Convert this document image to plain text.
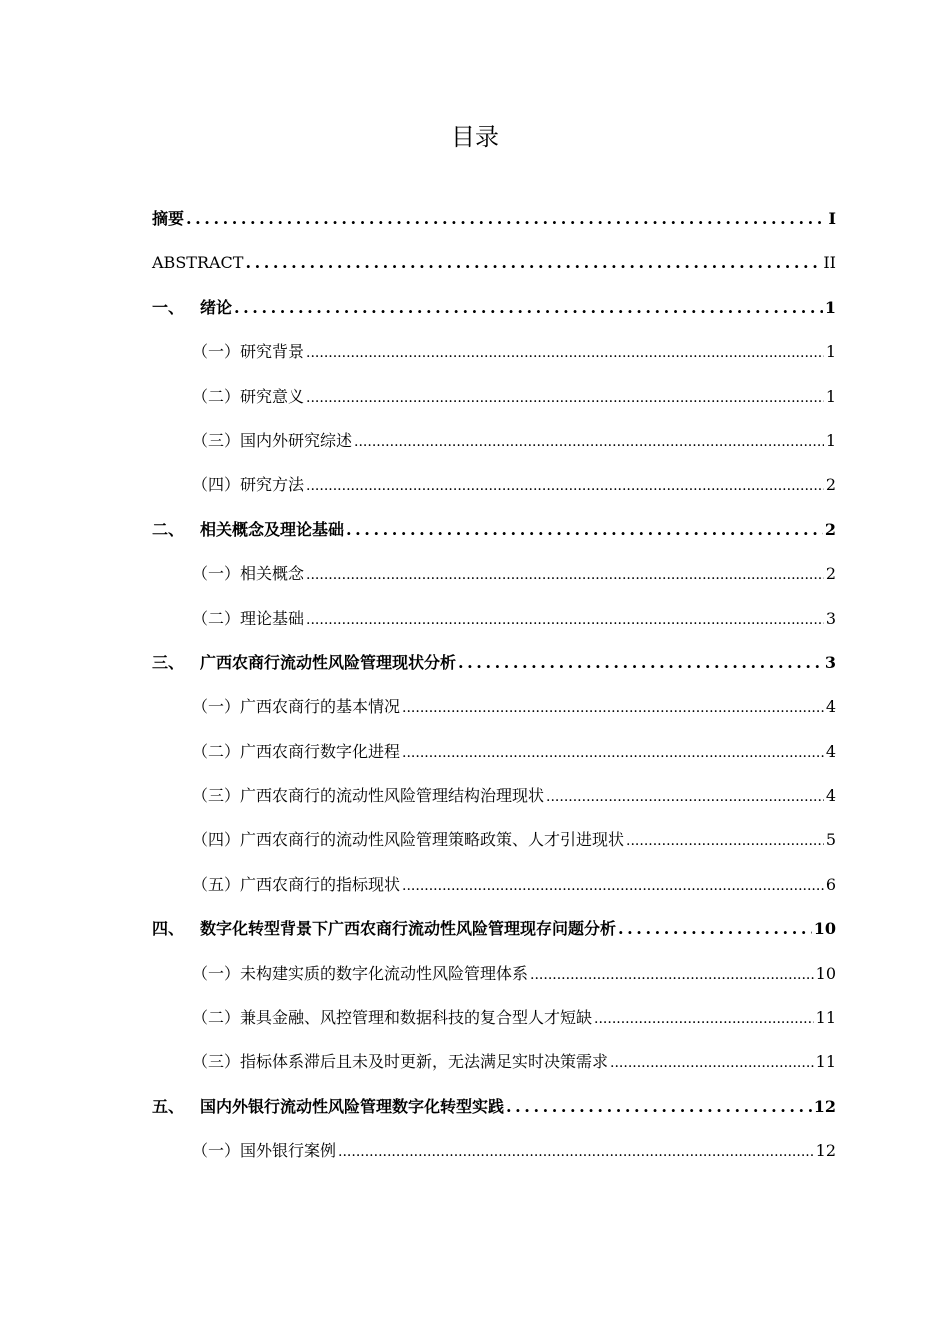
目录
摘要 . . .	I
ABSTRACT . . .	II
一、 绪论 . . .	1
（一）研究背景 .....	1
（二）研究意义 .....	1
（三）国内外研究综述 .....	1
（四）研究方法 .....	2
二、 相关概念及理论基础 . . .	2
（一）相关概念 .....	2
（二）理论基础 .....	3
三、 广西农商行流动性风险管理现状分析 . . .	3
（一）广西农商行的基本情况 .....	4
（二）广西农商行数字化进程 .....	4
（三）广西农商行的流动性风险管理结构治理现状 .....	4
（四）广西农商行的流动性风险管理策略政策、人才引进现状 .....	5
（五）广西农商行的指标现状 .....	6
四、 数字化转型背景下广西农商行流动性风险管理现存问题分析 . . .	10
（一）未构建实质的数字化流动性风险管理体系 .....	10
（二）兼具金融、风控管理和数据科技的复合型人才短缺 .....	11
（三）指标体系滞后且未及时更新，无法满足实时决策需求 .....	11
五、 国内外银行流动性风险管理数字化转型实践 . . .	12
（一）国外银行案例 .....	12
